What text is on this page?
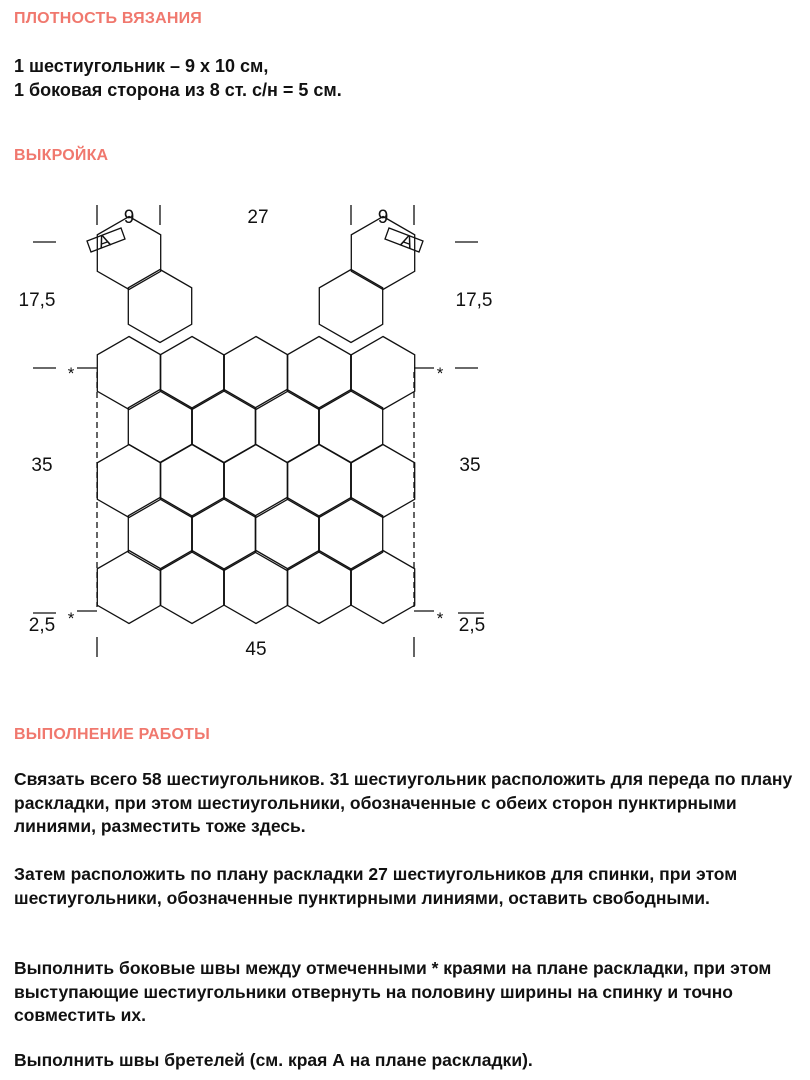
ПЛОТНОСТЬ ВЯЗАНИЯ

1 шестиугольник – 9 х 10 см,

1 боковая сторона из 8 ст. с/н = 5 см.

ВЫКРОЙКА
9	27	9
17,5	17,5
35	35
2,5	2,5
45
*	*
*	*
A	A
ВЫПОЛНЕНИЕ РАБОТЫ

Связать всего 58 шестиугольников. 31 шестиугольник расположить для переда по плану раскладки, при этом шестиугольники, обозначенные с обеих сторон пунктирными линиями, разместить тоже здесь.

Затем расположить по плану раскладки 27 шестиугольников для спинки, при этом шестиугольники, обозначенные пунктирными линиями, оставить свободными.

Выполнить боковые швы между отмеченными * краями на плане раскладки, при этом выступающие шестиугольники отвернуть на половину ширины на спинку и точно совместить их.

Выполнить швы бретелей (см. края А на плане раскладки).
